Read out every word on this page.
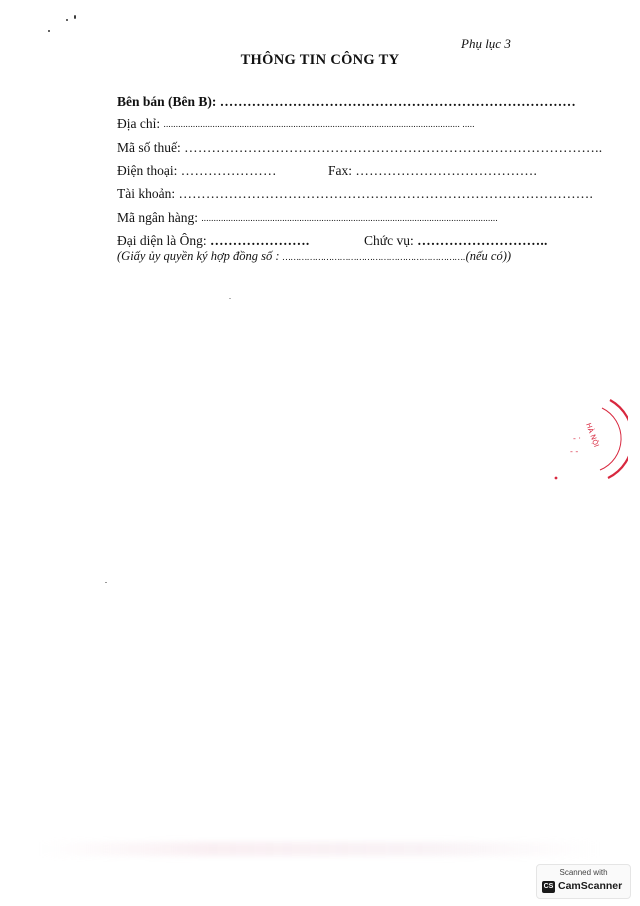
Phụ lục 3
THÔNG TIN CÔNG TY
Bên bán (Bên B): ……………………………………………………………………
Địa chỉ: ......................................................................................................................... .....
Mã số thuế: ………………………………………………………………………………..
Điện thoại: …………………	Fax: ………………………………….
Tài khoản: ……………………………………………………………………………….
Mã ngân hàng: .........................................................................................................................
Đại diện là Ông: ………………….	Chức vụ: ………………………..
(Giấy ủy quyền ký hợp đồng số : ………………………………………………………….(nếu có))
HÀ NỘI
- ·
- -
Scanned with
CS CamScanner
